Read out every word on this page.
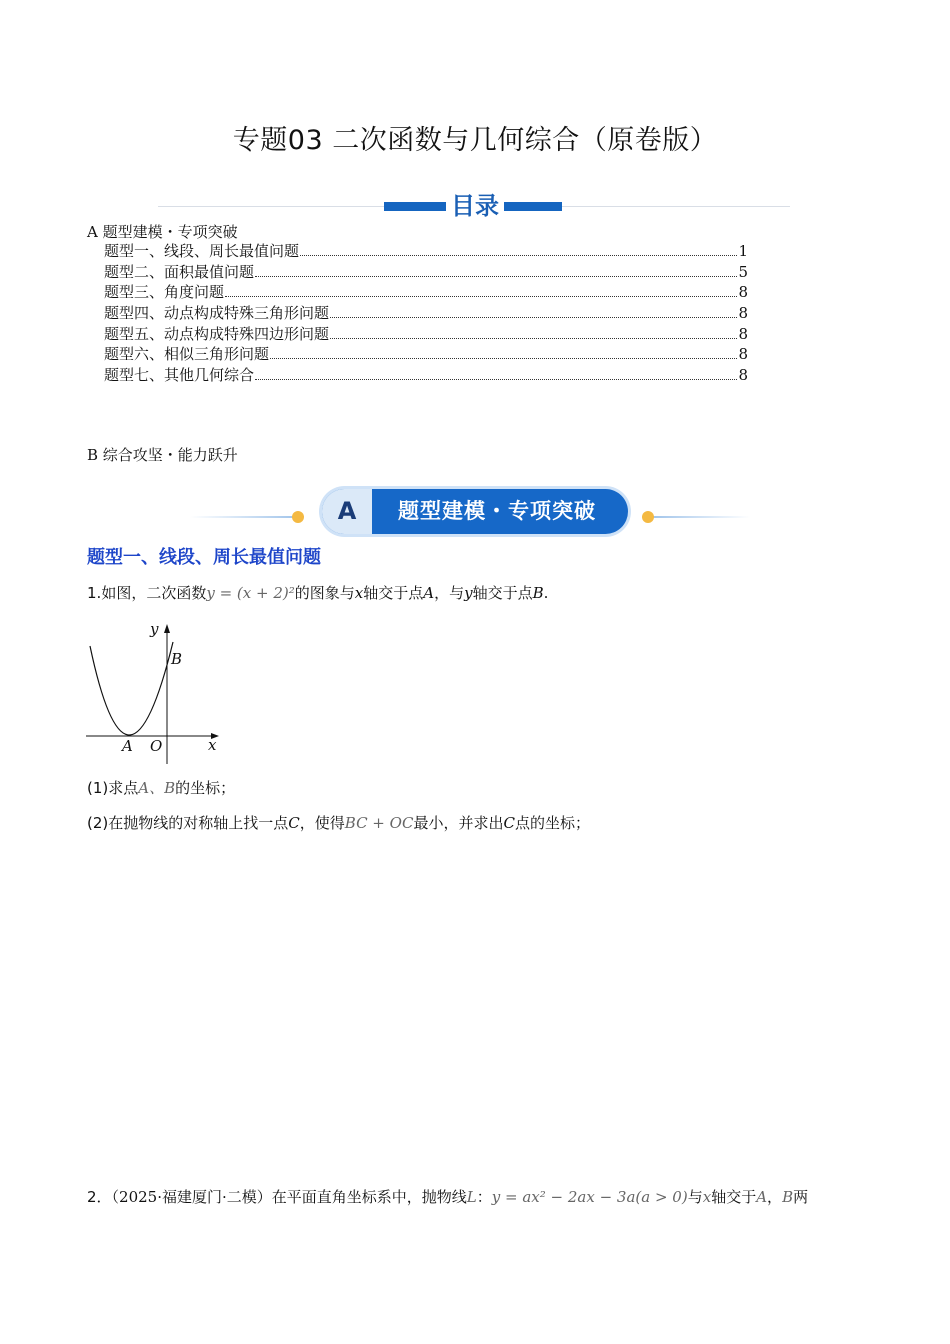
专题03 二次函数与几何综合（原卷版）
目录
A 题型建模・专项突破
题型一、线段、周长最值问题	1
题型二、面积最值问题	5
题型三、角度问题	8
题型四、动点构成特殊三角形问题	8
题型五、动点构成特殊四边形问题	8
题型六、相似三角形问题	8
题型七、其他几何综合	8
B 综合攻坚・能力跃升
A	题型建模・专项突破
题型一、线段、周长最值问题
1.如图，二次函数y = (x + 2)²的图象与x轴交于点A，与y轴交于点B.
y
B
A O	x
(1)求点A、B的坐标；
(2)在抛物线的对称轴上找一点C，使得BC + OC最小，并求出C点的坐标；
2．（2025·福建厦门·二模）在平面直角坐标系中，抛物线L：y = ax² − 2ax − 3a(a > 0)与x轴交于A，B两
